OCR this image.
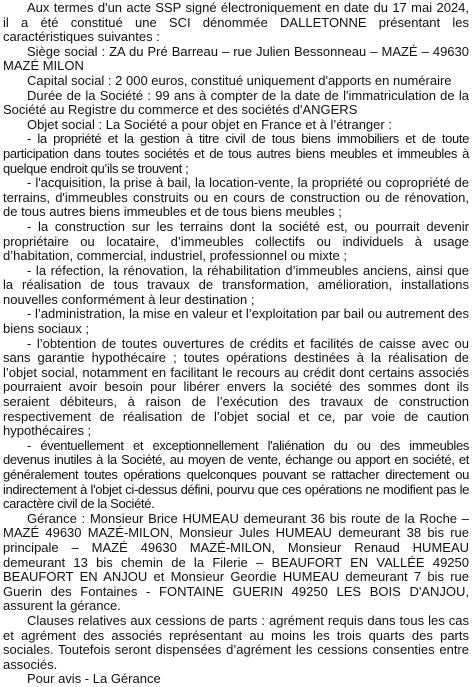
Aux termes d'un acte SSP signé électroniquement en date du 17 mai 2024, il a été constitué une SCI dénommée DALLETONNE présentant les caractéristiques suivantes :

Siège social : ZA du Pré Barreau – rue Julien Bessonneau – MAZÉ – 49630 MAZÉ MILON

Capital social : 2 000 euros, constitué uniquement d'apports en numéraire

Durée de la Société : 99 ans à compter de la date de l'immatriculation de la Société au Registre du commerce et des sociétés d'ANGERS

Objet social : La Société a pour objet en France et à l’étranger :

- la propriété et la gestion à titre civil de tous biens immobiliers et de toute participation dans toutes sociétés et de tous autres biens meubles et immeubles à quelque endroit qu’ils se trouvent ;

- l'acquisition, la prise à bail, la location-vente, la propriété ou copropriété de terrains, d'immeubles construits ou en cours de construction ou de rénovation, de tous autres biens immeubles et de tous biens meubles ;

- la construction sur les terrains dont la société est, ou pourrait devenir propriétaire ou locataire, d’immeubles collectifs ou individuels à usage d’habitation, commercial, industriel, professionnel ou mixte ;

- la réfection, la rénovation, la réhabilitation d’immeubles anciens, ainsi que la réalisation de tous travaux de transformation, amélioration, installations nouvelles conformément à leur destination ;

- l’administration, la mise en valeur et l’exploitation par bail ou autrement des biens sociaux ;

- l’obtention de toutes ouvertures de crédits et facilités de caisse avec ou sans garantie hypothécaire ; toutes opérations destinées à la réalisation de l’objet social, notamment en facilitant le recours au crédit dont certains associés pourraient avoir besoin pour libérer envers la société des sommes dont ils seraient débiteurs, à raison de l’exécution des travaux de construction respectivement de réalisation de l’objet social et ce, par voie de caution hypothécaires ;

- éventuellement et exceptionnellement l'aliénation du ou des immeubles devenus inutiles à la Société, au moyen de vente, échange ou apport en société, et généralement toutes opérations quelconques pouvant se rattacher directement ou indirectement à l'objet ci-dessus défini, pourvu que ces opérations ne modifient pas le caractère civil de la Société.

Gérance : Monsieur Brice HUMEAU demeurant 36 bis route de la Roche – MAZÉ 49630 MAZÉ-MILON, Monsieur Jules HUMEAU demeurant 38 bis rue principale – MAZÉ 49630 MAZÉ-MILON, Monsieur Renaud HUMEAU demeurant 13 bis chemin de la Filerie – BEAUFORT EN VALLÉE 49250 BEAUFORT EN ANJOU et Monsieur Geordie HUMEAU demeurant 7 bis rue Guerin des Fontaines - FONTAINE GUERIN 49250 LES BOIS D'ANJOU, assurent la gérance.

Clauses relatives aux cessions de parts : agrément requis dans tous les cas et agrément des associés représentant au moins les trois quarts des parts sociales. Toutefois seront dispensées d’agrément les cessions consenties entre associés.

Pour avis - La Gérance
